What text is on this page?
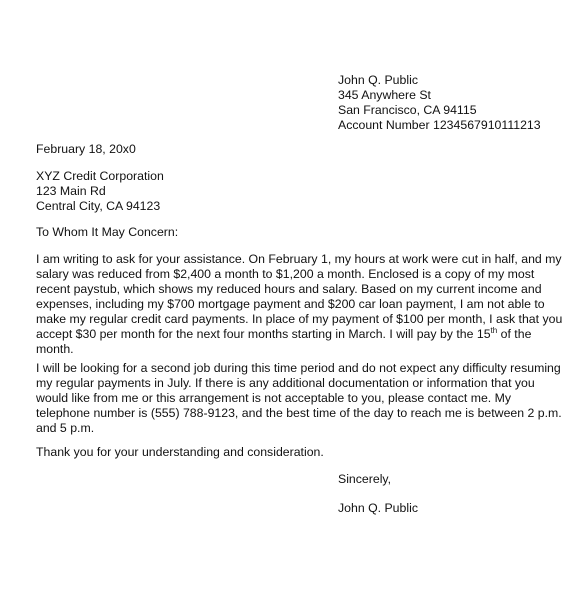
John Q. Public
345 Anywhere St
San Francisco, CA 94115
Account Number 1234567910111213
February 18, 20x0
XYZ Credit Corporation
123 Main Rd
Central City, CA 94123
To Whom It May Concern:
I am writing to ask for your assistance. On February 1, my hours at work were cut in half, and my
salary was reduced from $2,400 a month to $1,200 a month. Enclosed is a copy of my most
recent paystub, which shows my reduced hours and salary. Based on my current income and
expenses, including my $700 mortgage payment and $200 car loan payment, I am not able to
make my regular credit card payments. In place of my payment of $100 per month, I ask that you
accept $30 per month for the next four months starting in March. I will pay by the 15th of the
month.
I will be looking for a second job during this time period and do not expect any difficulty resuming
my regular payments in July. If there is any additional documentation or information that you
would like from me or this arrangement is not acceptable to you, please contact me. My
telephone number is (555) 788-9123, and the best time of the day to reach me is between 2 p.m.
and 5 p.m.
Thank you for your understanding and consideration.
Sincerely,
John Q. Public
